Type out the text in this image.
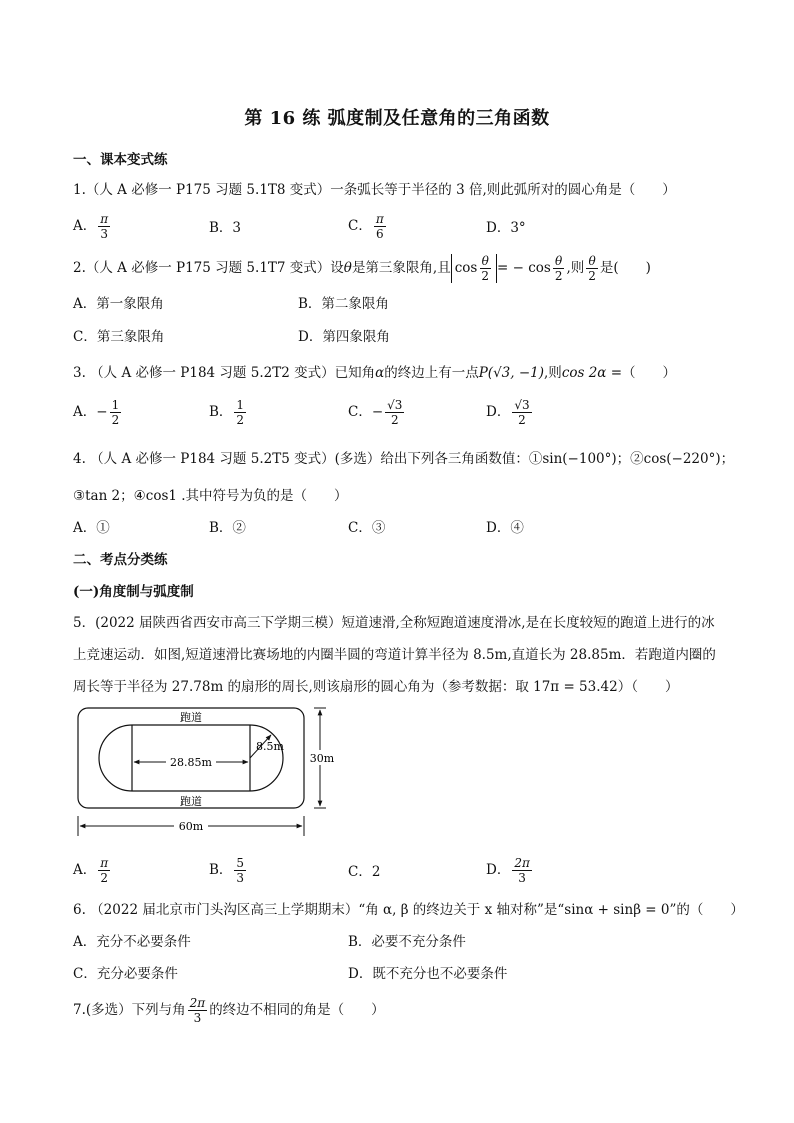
第 16 练 弧度制及任意角的三角函数
一、课本变式练
1.（人 A 必修一 P175 习题 5.1T8 变式）一条弧长等于半径的 3 倍,则此弧所对的圆心角是（　　）
A． $\frac{\pi}{3}$	B．3	C． $\frac{\pi}{6}$	D．3°
2.（人 A 必修一 P175 习题 5.1T7 变式）设θ是第三象限角,且 $\cos \frac{\theta}{2}$ = − $\cos \frac{\theta}{2}$ ,则 $\frac{\theta}{2}$ 是(　　)
A．第一象限角	B．第二象限角
C．第三象限角	D．第四象限角
3. （人 A 必修一 P184 习题 5.2T2 变式）已知角α的终边上有一点P(√3, −1),则cos 2α =（　　）
A．− $\frac{1}{2}$	B． $\frac{1}{2}$	C．− $\frac{√3}{2}$	D． $\frac{√3}{2}$
4. （人 A 必修一 P184 习题 5.2T5 变式）(多选）给出下列各三角函数值：①sin(−100°)；②cos(−220°)；
③tan 2；④cos1 .其中符号为负的是（　　）
A．①	B．②	C．③	D．④
二、考点分类练
(一)角度制与弧度制
5．(2022 届陕西省西安市高三下学期三模）短道速滑,全称短跑道速度滑冰,是在长度较短的跑道上进行的冰
上竞速运动．如图,短道速滑比赛场地的内圈半圆的弯道计算半径为 8.5m,直道长为 28.85m．若跑道内圈的
周长等于半径为 27.78m 的扇形的周长,则该扇形的圆心角为（参考数据：取 17π = 53.42）（　　）
28.85m
8.5m
跑道
跑道
30m
60m
A． $\frac{\pi}{2}$	B． $\frac{5}{3}$	C．2	D． $\frac{2\pi}{3}$
6. （2022 届北京市门头沟区高三上学期期末）“角 α, β 的终边关于 x 轴对称”是“sinα + sinβ = 0”的（　　）
A．充分不必要条件	B．必要不充分条件
C．充分必要条件	D．既不充分也不必要条件
7.(多选）下列与角 $\frac{2\pi}{3}$ 的终边不相同的角是（　　）
